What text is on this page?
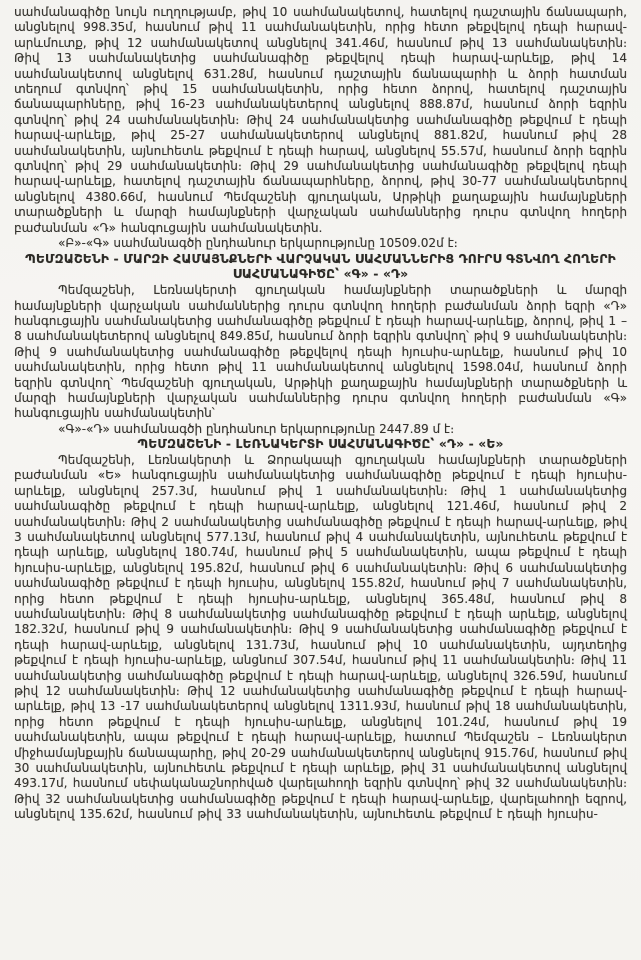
սահմանագիծը նույն ուղղությամբ, թիվ 10 սահմանակետով, հատելով դաշտային ճանապարհ, անցնելով 998.35մ, հասնում թիվ 11 սահմանակետին, որից հետո թեքվելով դեպի հարավ-արևմուտք, թիվ 12 սահմանակետով անցնելով 341.46մ, հասնում թիվ 13 սահմանակետին։ Թիվ 13 սահմանակետից սահմանագիծը թեքվելով դեպի հարավ-արևելք, թիվ 14 սահմանակետով անցնելով 631.28մ, հասնում դաշտային ճանապարհի և ձորի հատման տեղում գտնվող՝ թիվ 15 սահմանակետին, որից հետո ձորով, հատելով դաշտային ճանապարհները, թիվ 16-23 սահմանակետերով անցնելով 888.87մ, հասնում ձորի եզրին գտնվող՝ թիվ 24 սահմանակետին։ Թիվ 24 սահմանակետից սահմանագիծը թեքվում է դեպի հարավ-արևելք, թիվ 25-27 սահմանակետերով անցնելով 881.82մ, հասնում թիվ 28 սահմանակետին, այնուհետև թեքվում է դեպի հարավ, անցնելով 55.57մ, հասնում ձորի եզրին գտնվող՝ թիվ 29 սահմանակետին։ Թիվ 29 սահմանակետից սահմանագիծը թեքվելով դեպի հարավ-արևելք, հատելով դաշտային ճանապարհները, ձորով, թիվ 30-77 սահմանակետերով անցնելով 4380.66մ, հասնում Պեմզաշենի գյուղական, Արթիկի քաղաքային համայնքների տարածքների և մարզի համայնքների վարչական սահմաններից դուրս գտնվող հողերի բաժանման «Դ» հանգուցային սահմանակետին.

«Բ»-«Գ» սահմանագծի ընդհանուր երկարությունը 10509.02մ է։

ՊԵՄԶԱՇԵՆԻ - ՄԱՐԶԻ ՀԱՄԱՅՆՔՆԵՐԻ ՎԱՐՉԱԿԱՆ ՍԱՀՄԱՆՆԵՐԻՑ ԴՈՒՐՍ ԳՏՆՎՈՂ ՀՈՂԵՐԻ ՍԱՀՄԱՆԱԳԻԾԸ՝ «Գ» - «Դ»

Պեմզաշենի, Լեռնակերտի գյուղական համայնքների տարածքների և մարզի համայնքների վարչական սահմաններից դուրս գտնվող հողերի բաժանման ձորի եզրի «Դ» հանգուցային սահմանակետից սահմանագիծը թեքվում է դեպի հարավ-արևելք, ձորով, թիվ 1 – 8 սահմանակետերով անցնելով 849.85մ, հասնում ձորի եզրին գտնվող՝ թիվ 9 սահմանակետին։ Թիվ 9 սահմանակետից սահմանագիծը թեքվելով դեպի հյուսիս-արևելք, հասնում թիվ 10 սահմանակետին, որից հետո թիվ 11 սահմանակետով անցնելով 1598.04մ, հասնում ձորի եզրին գտնվող՝ Պեմզաշենի գյուղական, Արթիկի քաղաքային համայնքների տարածքների և մարզի համայնքների վարչական սահմաններից դուրս գտնվող հողերի բաժանման «Գ» հանգուցային սահմանակետին՝

«Գ»-«Դ» սահմանագծի ընդհանուր երկարությունը 2447.89 մ է։

ՊԵՄԶԱՇԵՆԻ - ԼԵՌՆԱԿԵՐՏԻ ՍԱՀՄԱՆԱԳԻԾԸ՝ «Դ» - «Ե»

Պեմզաշենի, Լեռնակերտի և Ձորակապի գյուղական համայնքների տարածքների բաժանման «Ե» հանգուցային սահմանակետից սահմանագիծը թեքվում է դեպի հյուսիս-արևելք, անցնելով 257.3մ, հասնում թիվ 1 սահմանակետին։ Թիվ 1 սահմանակետից սահմանագիծը թեքվում է դեպի հարավ-արևելք, անցնելով 121.46մ, հասնում թիվ 2 սահմանակետին։ Թիվ 2 սահմանակետից սահմանագիծը թեքվում է դեպի հարավ-արևելք, թիվ 3 սահմանակետով անցնելով 577.13մ, հասնում թիվ 4 սահմանակետին, այնուհետև թեքվում է դեպի արևելք, անցնելով 180.74մ, հասնում թիվ 5 սահմանակետին, ապա թեքվում է դեպի հյուսիս-արևելք, անցնելով 195.82մ, հասնում թիվ 6 սահմանակետին։ Թիվ 6 սահմանակետից սահմանագիծը թեքվում է դեպի հյուսիս, անցնելով 155.82մ, հասնում թիվ 7 սահմանակետին, որից հետո թեքվում է դեպի հյուսիս-արևելք, անցնելով 365.48մ, հասնում թիվ 8 սահմանակետին։ Թիվ 8 սահմանակետից սահմանագիծը թեքվում է դեպի արևելք, անցնելով 182.32մ, հասնում թիվ 9 սահմանակետին։ Թիվ 9 սահմանակետից սահմանագիծը թեքվում է դեպի հարավ-արևելք, անցնելով 131.73մ, հասնում թիվ 10 սահմանակետին, այդտեղից թեքվում է դեպի հյուսիս-արևելք, անցնում 307.54մ, հասնում թիվ 11 սահմանակետին։ Թիվ 11 սահմանակետից սահմանագիծը թեքվում է դեպի հարավ-արևելք, անցնելով 326.59մ, հասնում թիվ 12 սահմանակետին։ Թիվ 12 սահմանակետից սահմանագիծը թեքվում է դեպի հարավ-արևելք, թիվ 13 -17 սահմանակետերով անցնելով 1311.93մ, հասնում թիվ 18 սահմանակետին, որից հետո թեքվում է դեպի հյուսիս-արևելք, անցնելով 101.24մ, հասնում թիվ 19 սահմանակետին, ապա թեքվում է դեպի հարավ-արևելք, հատում Պեմզաշեն – Լեռնակերտ միջհամայնքային ճանապարհը, թիվ 20-29 սահմանակետերով անցնելով 915.76մ, հասնում թիվ 30 սահմանակետին, այնուհետև թեքվում է դեպի արևելք, թիվ 31 սահմանակետով անցնելով 493.17մ, հասնում սեփականաշնորհված վարելահողի եզրին գտնվող՝ թիվ 32 սահմանակետին։ Թիվ 32 սահմանակետից սահմանագիծը թեքվում է դեպի հարավ-արևելք, վարելահողի եզրով, անցնելով 135.62մ, հասնում թիվ 33 սահմանակետին, այնուհետև թեքվում է դեպի հյուսիս-
